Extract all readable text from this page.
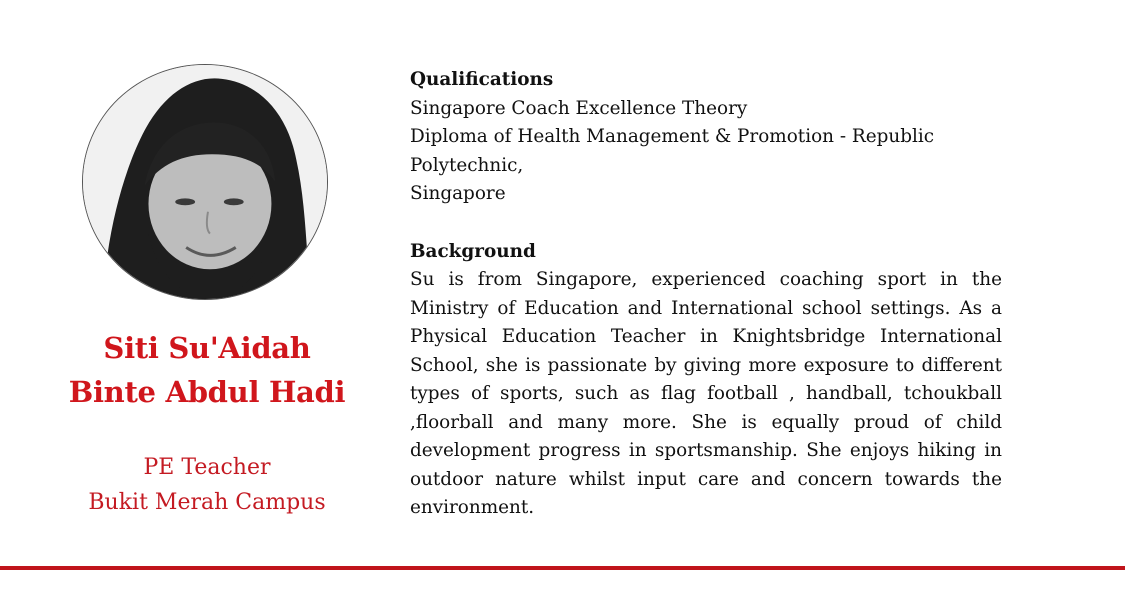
Siti Su'Aidah
Binte Abdul Hadi
PE Teacher
Bukit Merah Campus
Qualifications
Singapore Coach Excellence Theory
Diploma of Health Management & Promotion - Republic Polytechnic,
Singapore
Background
Su is from Singapore, experienced coaching sport in the Ministry of Education and International school settings. As a Physical Education Teacher in Knightsbridge International School, she is passionate by giving more exposure to different types of sports, such as flag football , handball, tchoukball ,floorball and many more. She is equally proud of child development progress in sportsmanship. She enjoys hiking in outdoor nature whilst input care and concern towards the environment.
